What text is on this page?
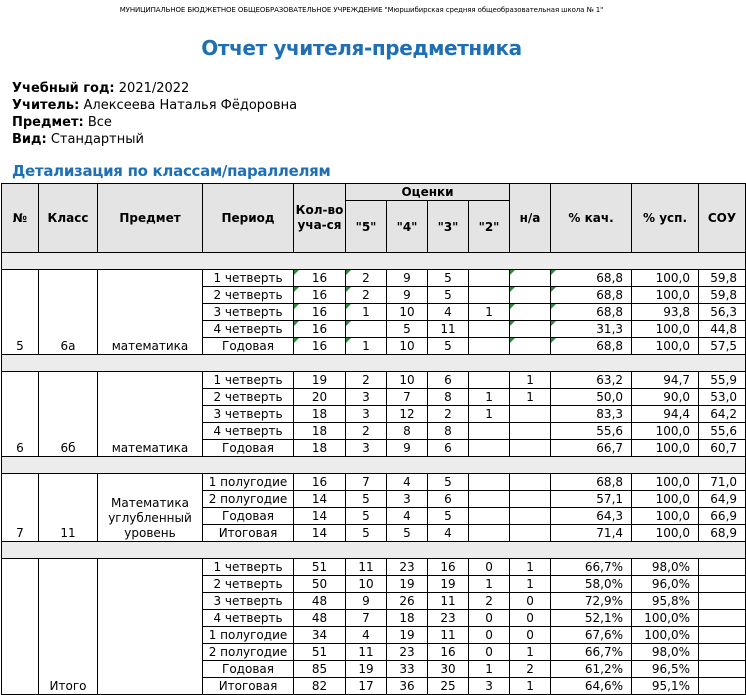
МУНИЦИПАЛЬНОЕ БЮДЖЕТНОЕ ОБЩЕОБРАЗОВАТЕЛЬНОЕ УЧРЕЖДЕНИЕ "Мюршибирская средняя общеобразовательная школа № 1"
Отчет учителя-предметника
Учебный год: 2021/2022
Учитель: Алексеева Наталья Фёдоровна
Предмет: Все
Вид: Стандартный
Детализация по классам/параллелям
№	Класс	Предмет	Период	Кол-во уча-ся	Оценки				н/а	% кач.	% усп.	СОУ
					"5"	"4"	"3"	"2"				

5	6а	математика	1 четверть	16	2	9	5			68,8	100,0	59,8
			2 четверть	16	2	9	5			68,8	100,0	59,8
			3 четверть	16	1	10	4	1		68,8	93,8	56,3
			4 четверть	16		5	11			31,3	100,0	44,8
			Годовая	16	1	10	5			68,8	100,0	57,5

6	6б	математика	1 четверть	19	2	10	6		1	63,2	94,7	55,9
			2 четверть	20	3	7	8	1	1	50,0	90,0	53,0
			3 четверть	18	3	12	2	1		83,3	94,4	64,2
			4 четверть	18	2	8	8			55,6	100,0	55,6
			Годовая	18	3	9	6			66,7	100,0	60,7

7	11	Математика углубленный уровень	1 полугодие	16	7	4	5			68,8	100,0	71,0
			2 полугодие	14	5	3	6			57,1	100,0	64,9
			Годовая	14	5	4	5			64,3	100,0	66,9
			Итоговая	14	5	5	4			71,4	100,0	68,9

	Итого		1 четверть	51	11	23	16	0	1	66,7%	98,0%	
			2 четверть	50	10	19	19	1	1	58,0%	96,0%	
			3 четверть	48	9	26	11	2	0	72,9%	95,8%	
			4 четверть	48	7	18	23	0	0	52,1%	100,0%	
			1 полугодие	34	4	19	11	0	0	67,6%	100,0%	
			2 полугодие	51	11	23	16	0	1	66,7%	98,0%	
			Годовая	85	19	33	30	1	2	61,2%	96,5%	
			Итоговая	82	17	36	25	3	1	64,6%	95,1%	
